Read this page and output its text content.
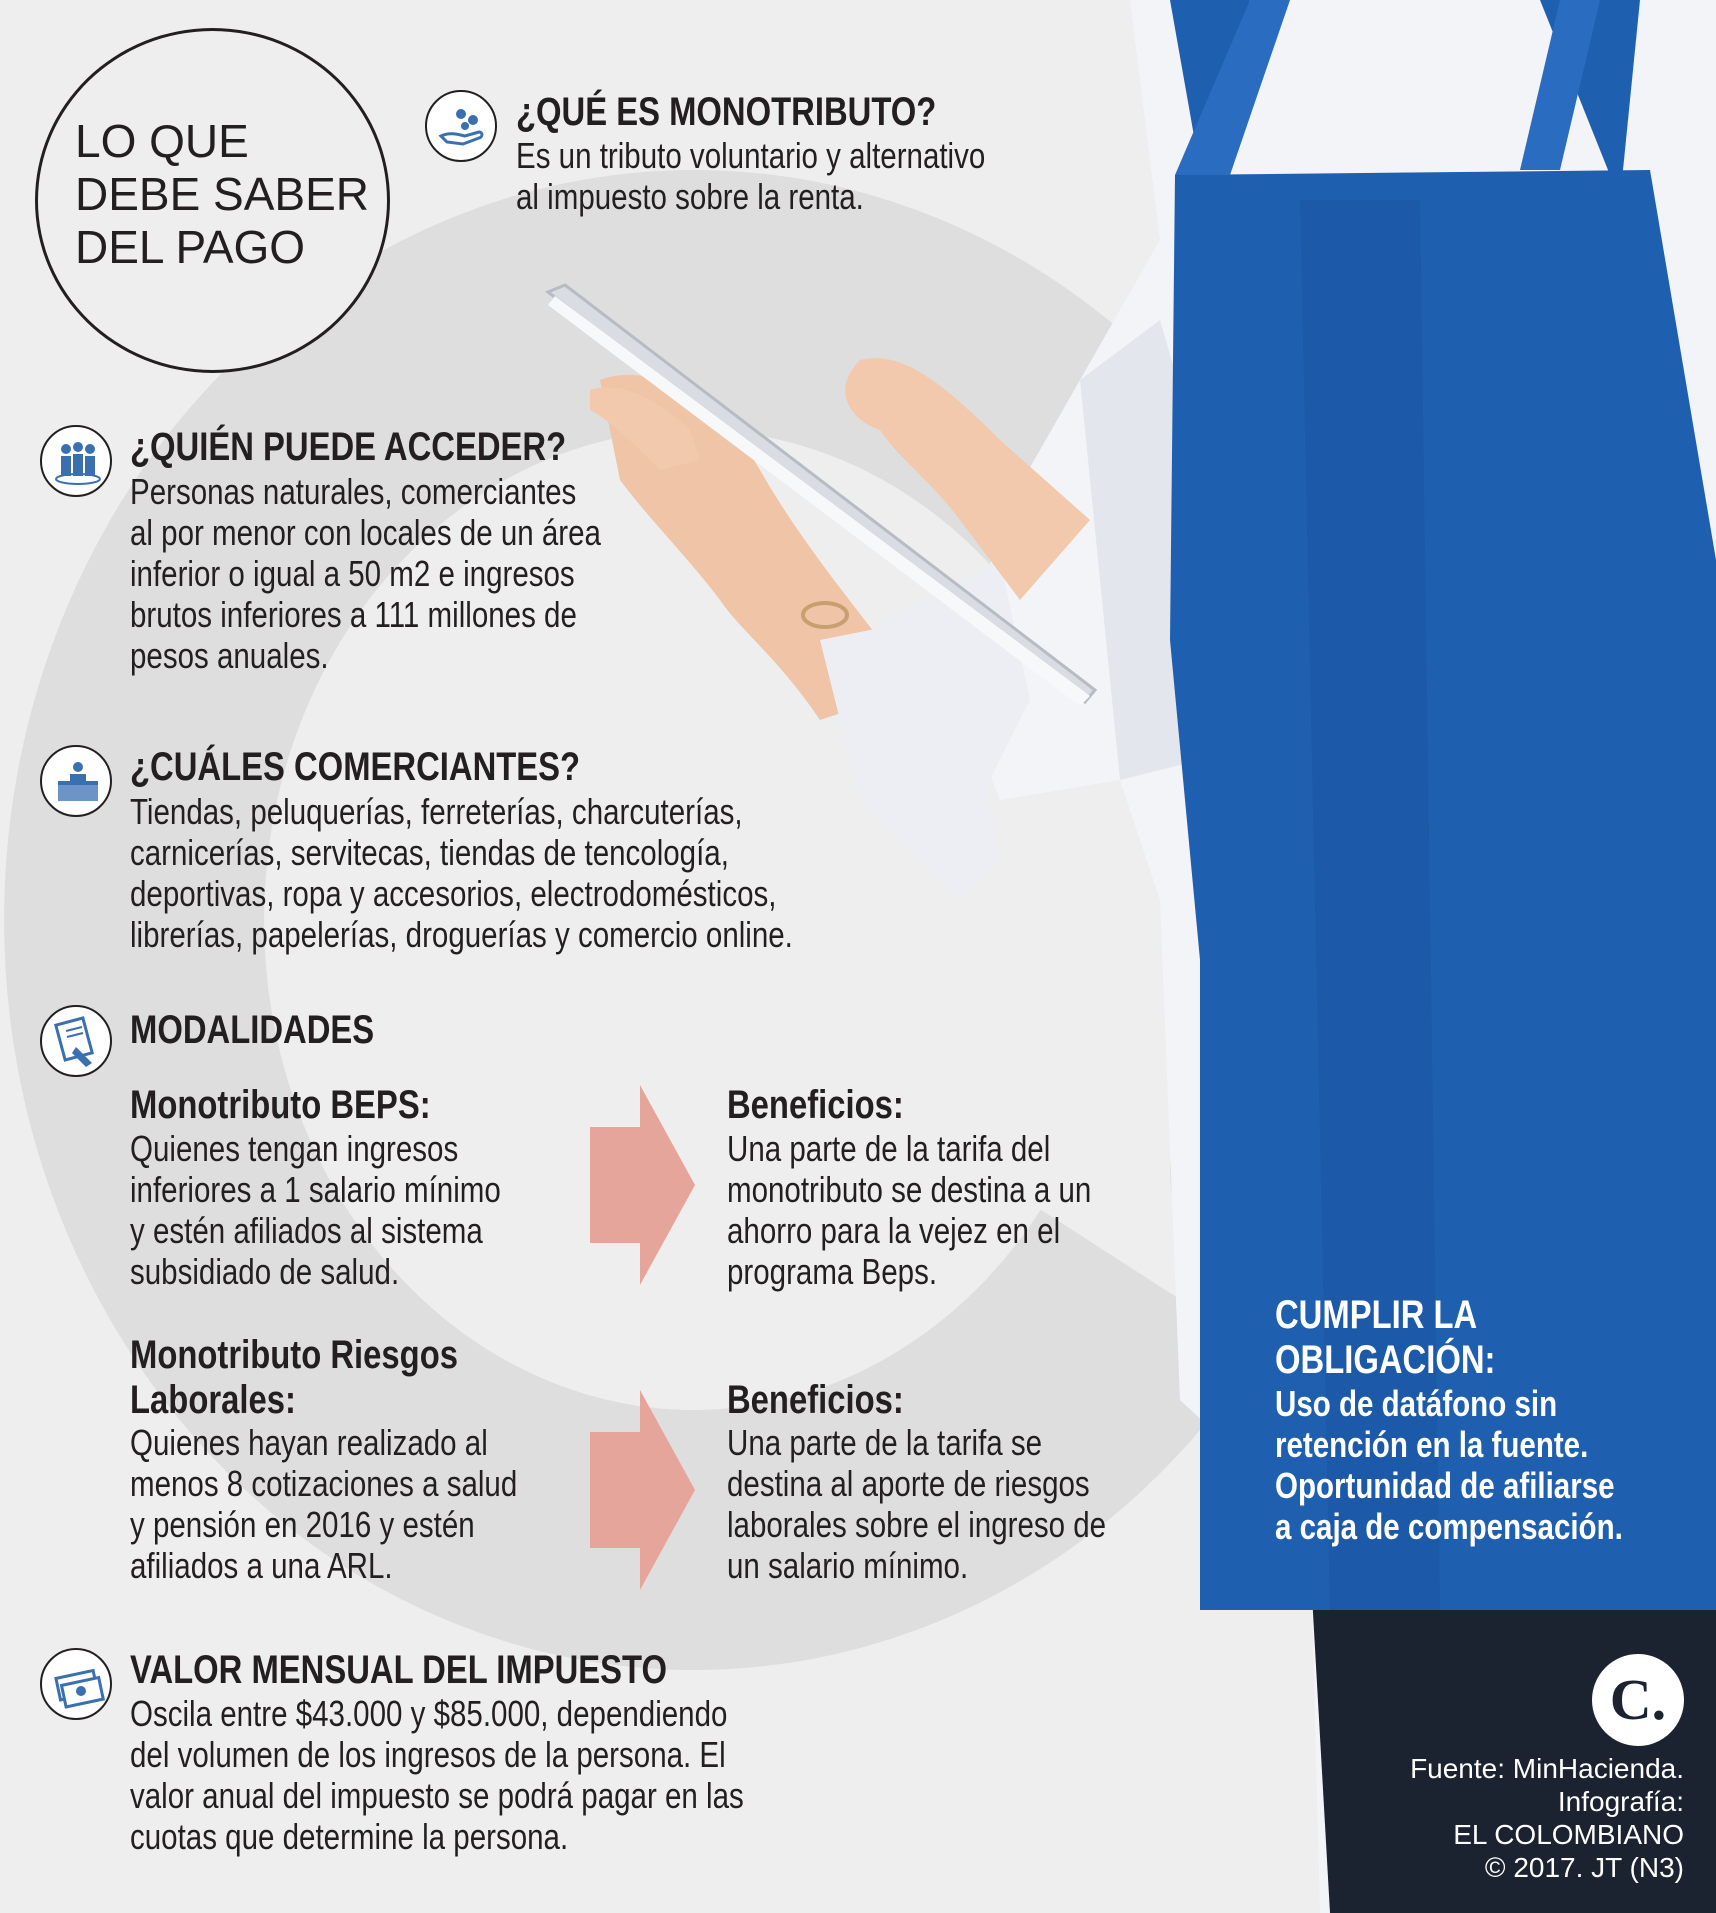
LO QUE
DEBE SABER
DEL PAGO
¿QUÉ ES MONOTRIBUTO?
Es un tributo voluntario y alternativo
al impuesto sobre la renta.
¿QUIÉN PUEDE ACCEDER?
Personas naturales, comerciantes
al por menor con locales de un área
inferior o igual a 50 m2 e ingresos
brutos inferiores a 111 millones de
pesos anuales.
¿CUÁLES COMERCIANTES?
Tiendas, peluquerías, ferreterías, charcuterías,
carnicerías, servitecas, tiendas de tencología,
deportivas, ropa y accesorios, electrodomésticos,
librerías, papelerías, droguerías y comercio online.
MODALIDADES
Monotributo BEPS:
Quienes tengan ingresos
inferiores a 1 salario mínimo
y estén afiliados al sistema
subsidiado de salud.
Beneficios:
Una parte de la tarifa del
monotributo se destina a un
ahorro para la vejez en el
programa Beps.
Monotributo Riesgos
Laborales:
Quienes hayan realizado al
menos 8 cotizaciones a salud
y pensión en 2016 y estén
afiliados a una ARL.
Beneficios:
Una parte de la tarifa se
destina al aporte de riesgos
laborales sobre el ingreso de
un salario mínimo.
VALOR MENSUAL DEL IMPUESTO
Oscila entre $43.000 y $85.000, dependiendo
del volumen de los ingresos de la persona. El
valor anual del impuesto se podrá pagar en las
cuotas que determine la persona.
CUMPLIR LA
OBLIGACIÓN:
Uso de datáfono sin
retención en la fuente.
Oportunidad de afiliarse
a caja de compensación.
C.
Fuente: MinHacienda.
Infografía:
EL COLOMBIANO
© 2017. JT (N3)
